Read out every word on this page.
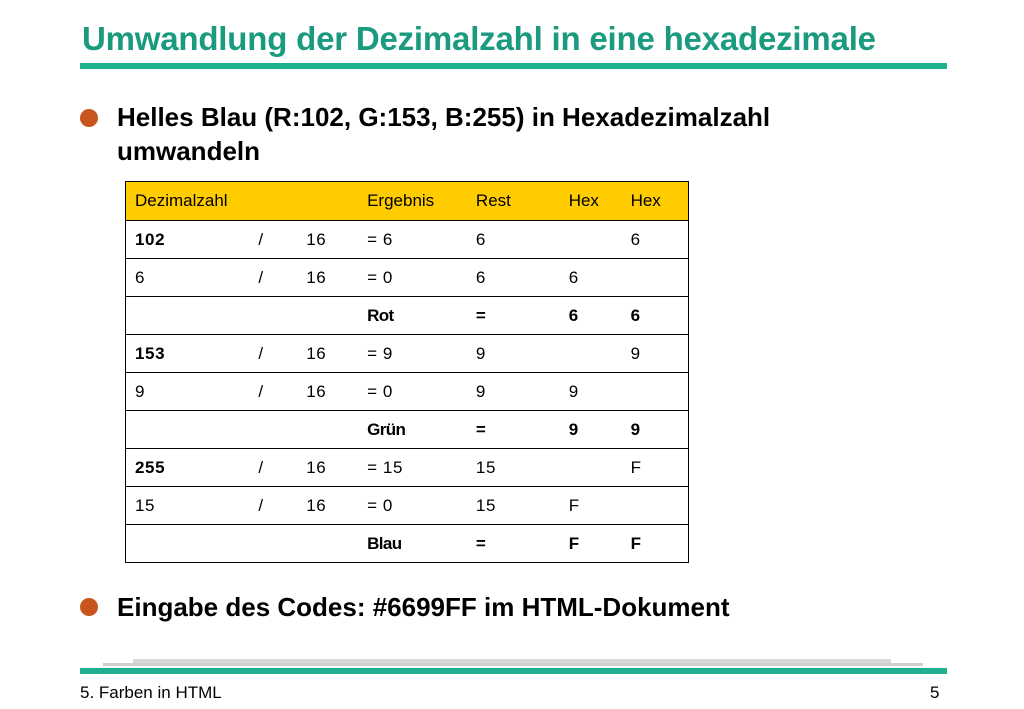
Umwandlung der Dezimalzahl in eine hexadezimale
Helles Blau (R:102, G:153, B:255) in Hexadezimalzahl umwandeln
Dezimalzahl			Ergebnis	Rest	Hex	Hex
102	/	16	= 6	6		6
6	/	16	= 0	6	6	
			Rot	=	6	6
153	/	16	= 9	9		9
9	/	16	= 0	9	9	
			Grün	=	9	9
255	/	16	= 15	15		F
15	/	16	= 0	15	F	
			Blau	=	F	F
Eingabe des Codes: #6699FF im HTML-Dokument
5. Farben in HTML	5
